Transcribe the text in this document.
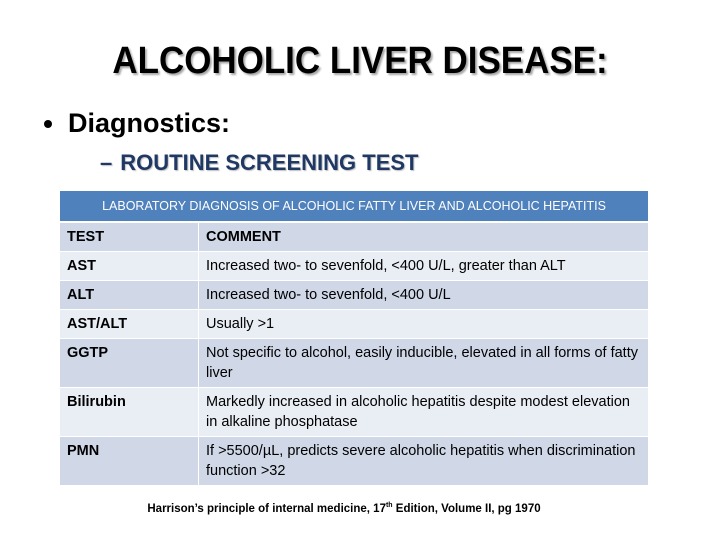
ALCOHOLIC LIVER DISEASE:
Diagnostics:
– ROUTINE SCREENING TEST
LABORATORY DIAGNOSIS OF ALCOHOLIC FATTY LIVER AND ALCOHOLIC HEPATITIS	
TEST	COMMENT
AST	Increased two- to sevenfold, <400 U/L, greater than ALT
ALT	Increased two- to sevenfold, <400 U/L
AST/ALT	Usually >1
GGTP	Not specific to alcohol, easily inducible, elevated in all forms of fatty liver
Bilirubin	Markedly increased in alcoholic hepatitis despite modest elevation in alkaline phosphatase
PMN	If >5500/µL, predicts severe alcoholic hepatitis when discrimination function >32
Harrison’s principle of internal medicine, 17th Edition, Volume II, pg 1970
